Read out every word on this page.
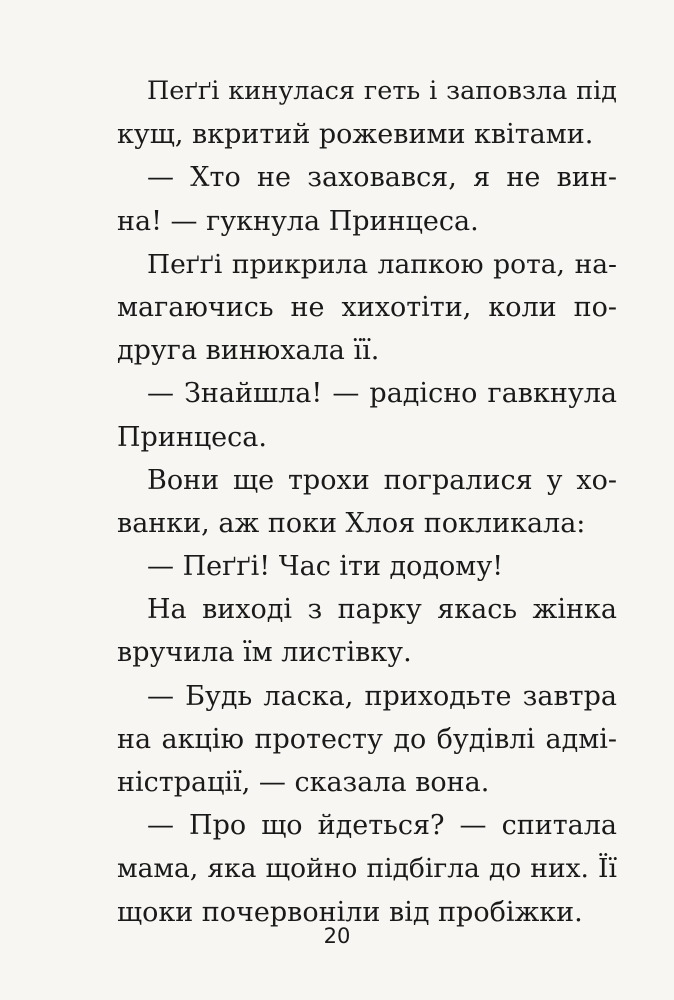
Пеґґі кинулася геть і заповзла під
кущ, вкритий рожевими квітами.
— Хто не заховався, я не вин-
на! — гукнула Принцеса.
Пеґґі прикрила лапкою рота, на-
магаючись не хихотіти, коли по-
друга винюхала її.
— Знайшла! — радісно гавкнула
Принцеса.
Вони ще трохи погралися у хо-
ванки, аж поки Хлоя покликала:
— Пеґґі! Час іти додому!
На виході з парку якась жінка
вручила їм листівку.
— Будь ласка, приходьте завтра
на акцію протесту до будівлі адмі-
ністрації, — сказала вона.
— Про що йдеться? — спитала
мама, яка щойно підбігла до них. Її
щоки почервоніли від пробіжки.
20
